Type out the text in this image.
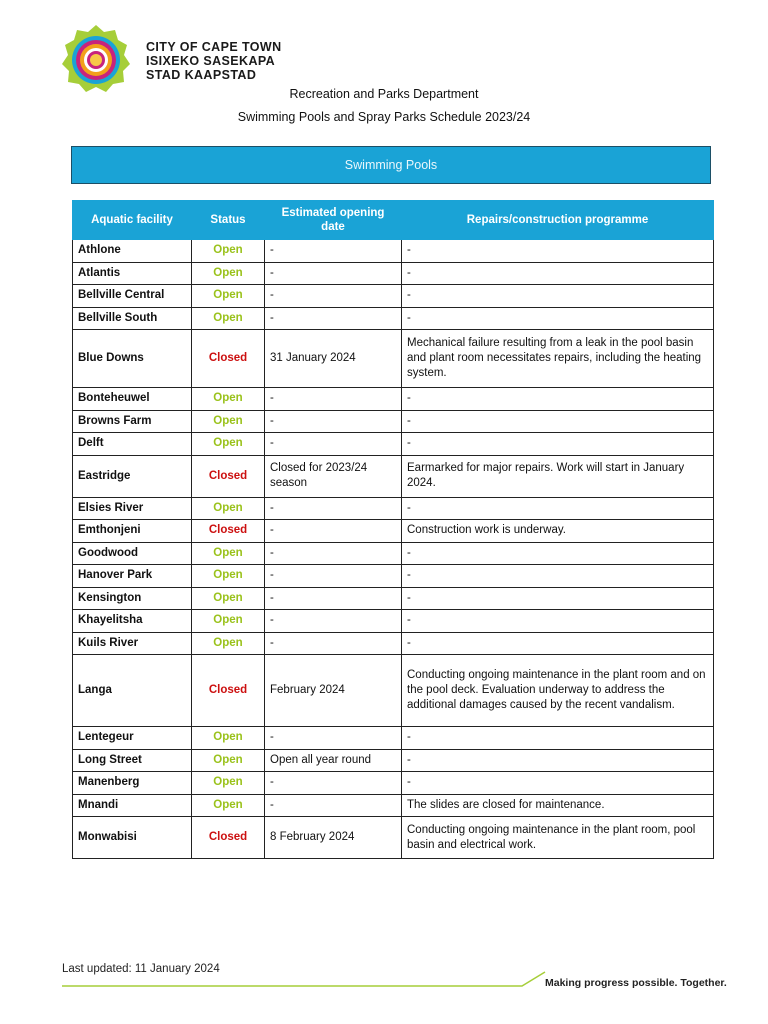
CITY OF CAPE TOWN
ISIXEKO SASEKAPA
STAD KAAPSTAD
Recreation and Parks Department
Swimming Pools and Spray Parks Schedule 2023/24
Swimming Pools
Aquatic facility	Status	Estimated opening date	Repairs/construction programme
Athlone	Open	-	-
Atlantis	Open	-	-
Bellville Central	Open	-	-
Bellville South	Open	-	-
Blue Downs	Closed	31 January 2024	Mechanical failure resulting from a leak in the pool basin and plant room necessitates repairs, including the heating system.
Bonteheuwel	Open	-	-
Browns Farm	Open	-	-
Delft	Open	-	-
Eastridge	Closed	Closed for 2023/24 season	Earmarked for major repairs. Work will start in January 2024.
Elsies River	Open	-	-
Emthonjeni	Closed	-	Construction work is underway.
Goodwood	Open	-	-
Hanover Park	Open	-	-
Kensington	Open	-	-
Khayelitsha	Open	-	-
Kuils River	Open	-	-
Langa	Closed	February 2024	Conducting ongoing maintenance in the plant room and on the pool deck. Evaluation underway to address the additional damages caused by the recent vandalism.
Lentegeur	Open	-	-
Long Street	Open	Open all year round	-
Manenberg	Open	-	-
Mnandi	Open	-	The slides are closed for maintenance.
Monwabisi	Closed	8 February 2024	Conducting ongoing maintenance in the plant room, pool basin and electrical work.
Last updated: 11 January 2024
Making progress possible. Together.
